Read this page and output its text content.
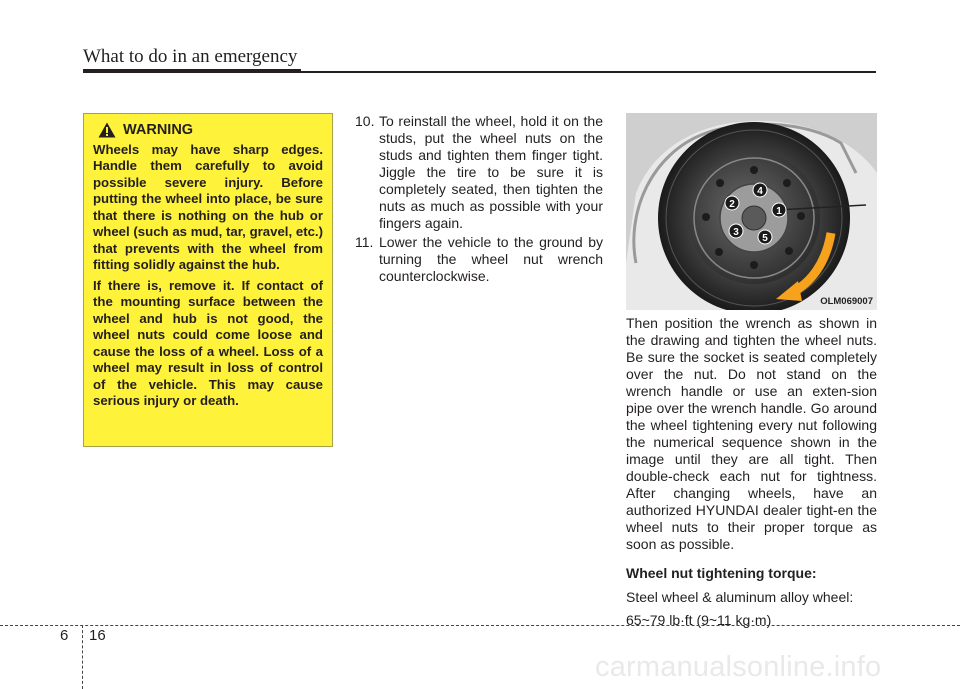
What to do in an emergency
WARNING

Wheels may have sharp edges. Handle them carefully to avoid possible severe injury. Before putting the wheel into place, be sure that there is nothing on the hub or wheel (such as mud, tar, gravel, etc.) that prevents with the wheel from fitting solidly against the hub.

If there is, remove it. If contact of the mounting surface between the wheel and hub is not good, the wheel nuts could come loose and cause the loss of a wheel. Loss of a wheel may result in loss of control of the vehicle. This may cause serious injury or death.

10. To reinstall the wheel, hold it on the studs, put the wheel nuts on the studs and tighten them finger tight. Jiggle the tire to be sure it is completely seated, then tighten the nuts as much as possible with your fingers again.
11. Lower the vehicle to the ground by turning the wheel nut wrench counterclockwise.
1
2
3
4
5
OLM069007

Then position the wrench as shown in the drawing and tighten the wheel nuts. Be sure the socket is seated completely over the nut. Do not stand on the wrench handle or use an exten-sion pipe over the wrench handle. Go around the wheel tightening every nut following the numerical sequence shown in the image until they are all tight. Then double-check each nut for tightness. After changing wheels, have an authorized HYUNDAI dealer tight-en the wheel nuts to their proper torque as soon as possible.

Wheel nut tightening torque:

Steel wheel & aluminum alloy wheel:

65~79 lb·ft (9~11 kg·m)

6 16
carmanualsonline.info
